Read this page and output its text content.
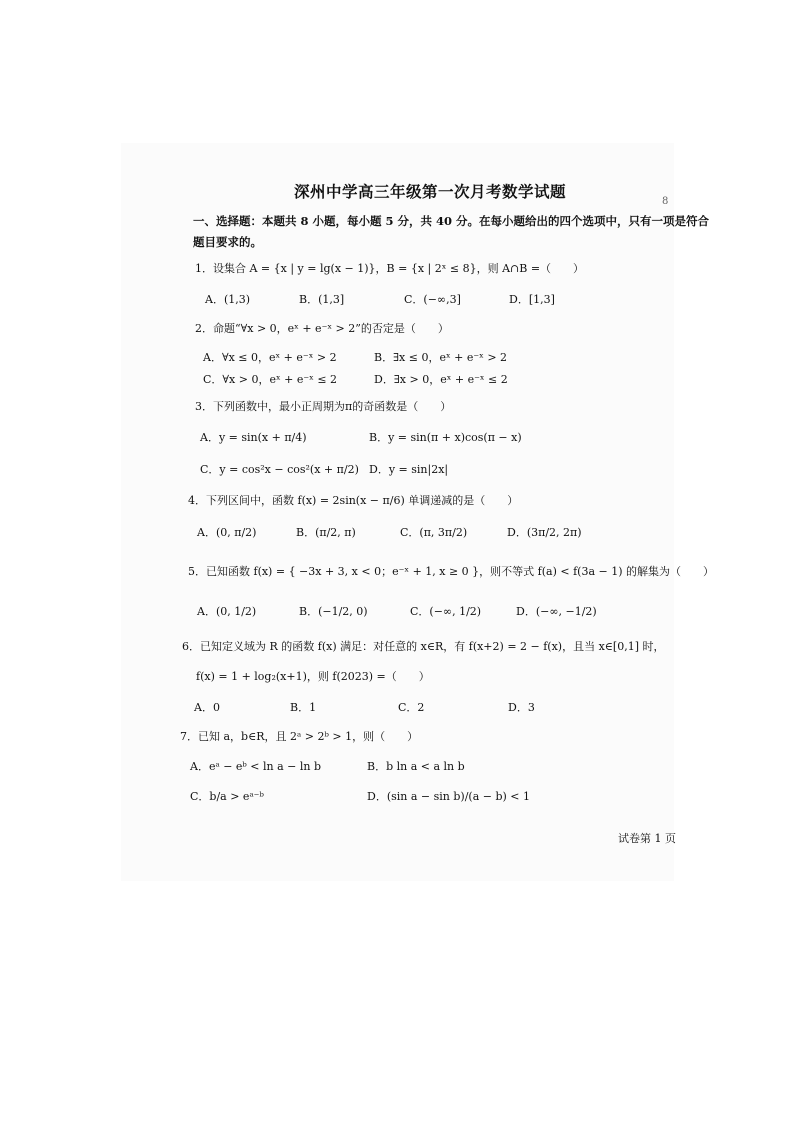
深州中学高三年级第一次月考数学试题
8
一、选择题：本题共 8 小题，每小题 5 分，共 40 分。在每小题给出的四个选项中，只有一项是符合
题目要求的。
1．设集合 A = {x | y = lg(x − 1)}，B = {x | 2ˣ ≤ 8}，则 A∩B =（　　）
A．(1,3)	B．(1,3]	C．(−∞,3]	D．[1,3]
2．命题“∀x > 0，eˣ + e⁻ˣ > 2”的否定是（　　）
A．∀x ≤ 0，eˣ + e⁻ˣ > 2	B．∃x ≤ 0，eˣ + e⁻ˣ > 2
C．∀x > 0，eˣ + e⁻ˣ ≤ 2	D．∃x > 0，eˣ + e⁻ˣ ≤ 2
3．下列函数中，最小正周期为π的奇函数是（　　）
A．y = sin(x + π/4)	B．y = sin(π + x)cos(π − x)
C．y = cos²x − cos²(x + π/2) D．y = sin|2x|
4．下列区间中，函数 f(x) = 2sin(x − π/6) 单调递减的是（　　）
A．(0, π/2)	B．(π/2, π)	C．(π, 3π/2)	D．(3π/2, 2π)
5．已知函数 f(x) = { −3x + 3, x < 0；e⁻ˣ + 1, x ≥ 0 }，则不等式 f(a) < f(3a − 1) 的解集为（　　）
A．(0, 1/2)	B．(−1/2, 0)	C．(−∞, 1/2)	D．(−∞, −1/2)
6．已知定义域为 R 的函数 f(x) 满足：对任意的 x∈R，有 f(x+2) = 2 − f(x)，且当 x∈[0,1] 时，
f(x) = 1 + log₂(x+1)，则 f(2023) =（　　）
A．0	B．1	C．2	D．3
7．已知 a，b∈R，且 2ᵃ > 2ᵇ > 1，则（　　）
A．eᵃ − eᵇ < ln a − ln b	B．b ln a < a ln b
C．b/a > eᵃ⁻ᵇ	D．(sin a − sin b)/(a − b) < 1
试卷第 1 页
